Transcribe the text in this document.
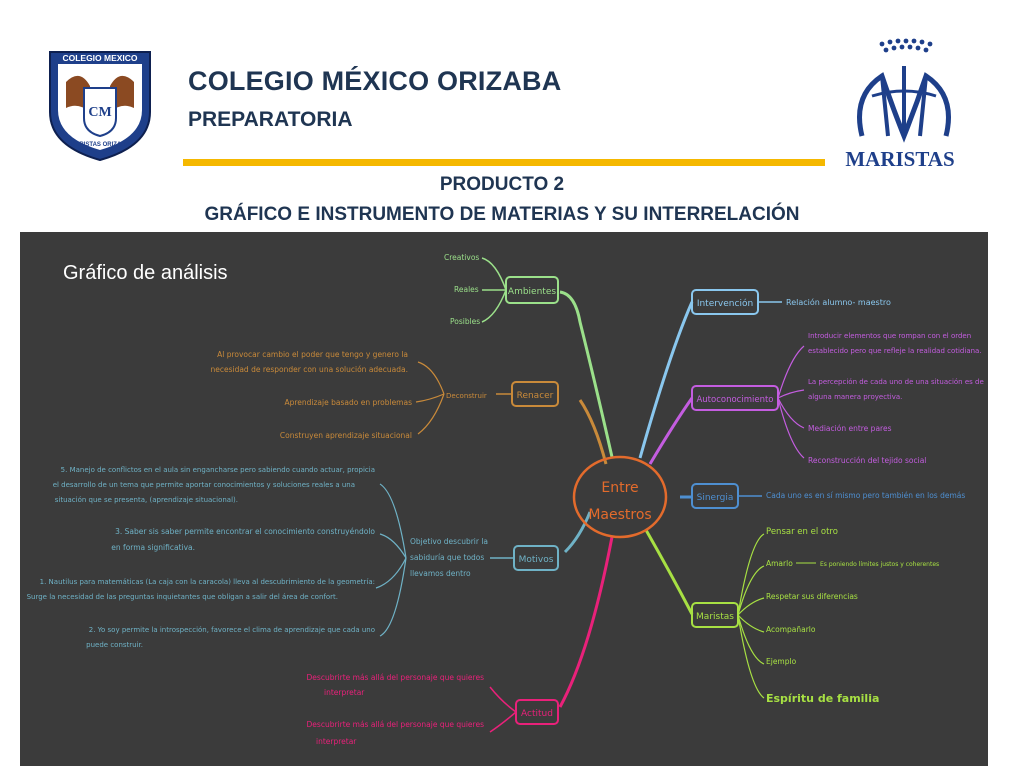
CM
COLEGIO MEXICO
MARISTAS ORIZABA
COLEGIO MÉXICO ORIZABA
PREPARATORIA
MARISTAS
PRODUCTO 2
GRÁFICO E INSTRUMENTO DE MATERIAS Y SU INTERRELACIÓN
Entre
Maestros
Ambientes
Creativos
Reales
Posibles
Renacer
Deconstruir
Al provocar cambio el poder que tengo y genero la
necesidad de responder con una solución adecuada.
Aprendizaje basado en problemas
Construyen aprendizaje situacional
Motivos
Objetivo descubrir la
sabiduría que todos
llevamos dentro
5. Manejo de conflictos en el aula sin engancharse pero sabiendo cuando actuar, propicia
el desarrollo de un tema que permite aportar conocimientos y soluciones reales a una
situación que se presenta, (aprendizaje situacional).
3. Saber sis saber permite encontrar el conocimiento construyéndolo
en forma significativa.
1. Nautilus para matemáticas (La caja con la caracola) lleva al descubrimiento de la geometría:
Surge la necesidad de las preguntas inquietantes que obligan a salir del área de confort.
2. Yo soy permite la introspección, favorece el clima de aprendizaje que cada uno
puede construir.
Actitud
Descubrirte más allá del personaje que quieres
interpretar
Descubrirte más allá del personaje que quieres
interpretar
Intervención	Relación alumno- maestro
Autoconocimiento
Introducir elementos que rompan con el orden
establecido pero que refleje la realidad cotidiana.
La percepción de cada uno de una situación es de
alguna manera proyectiva.
Mediación entre pares
Reconstrucción del tejido social
Sinergia	Cada uno es en sí mismo pero también en los demás
Maristas
Pensar en el otro
Amarlo	Es poniendo límites justos y coherentes
Respetar sus diferencias
Acompañarlo
Ejemplo
Espíritu de familia
Gráfico de análisis
